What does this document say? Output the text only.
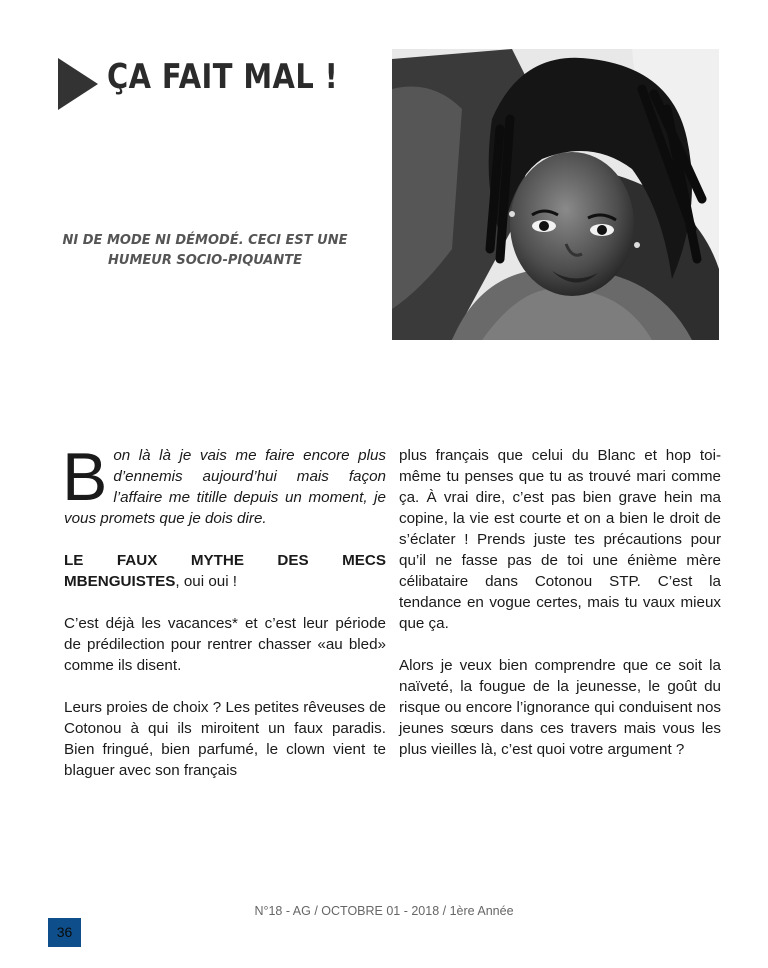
ÇA FAIT MAL !

NI DE MODE NI DÉMODÉ. CECI EST UNE
HUMEUR SOCIO-PIQUANTE

Bon là là je vais me faire encore plus d’ennemis aujourd’hui mais façon l’affaire me titille depuis un moment, je vous promets que je dois dire.

LE FAUX MYTHE DES MECS MBENGUISTES, oui oui !

C’est déjà les vacances* et c’est leur période de prédilection pour rentrer chasser «au bled» comme ils disent.

Leurs proies de choix ? Les petites rêveuses de Cotonou à qui ils miroitent un faux paradis. Bien fringué, bien parfumé, le clown vient te blaguer avec son français

plus français que celui du Blanc et hop toi-même tu penses que tu as trouvé mari comme ça. À vrai dire, c’est pas bien grave hein ma copine, la vie est courte et on a bien le droit de s’éclater ! Prends juste tes précautions pour qu’il ne fasse pas de toi une énième mère célibataire dans Cotonou STP. C’est la tendance en vogue certes, mais tu vaux mieux que ça.

Alors je veux bien comprendre que ce soit la naïveté, la fougue de la jeunesse, le goût du risque ou encore l’ignorance qui conduisent nos jeunes sœurs dans ces travers mais vous les plus vieilles là, c’est quoi votre argument ?

N°18 - AG / OCTOBRE 01 - 2018 / 1ère Année
36
